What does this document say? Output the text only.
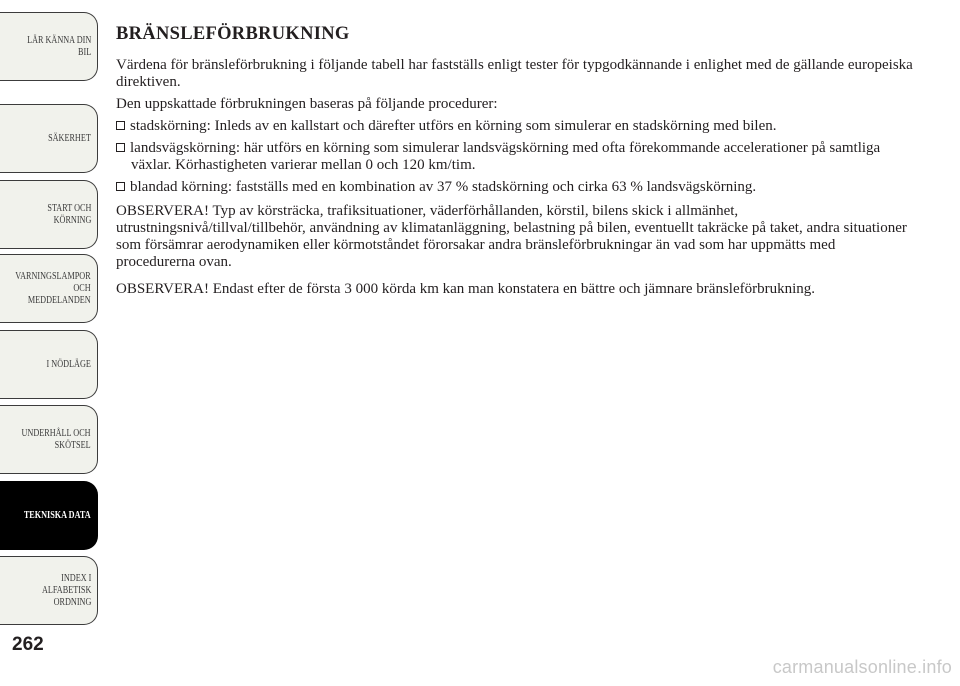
LÄR KÄNNA DIN
BIL
SÄKERHET
START OCH
KÖRNING
VARNINGSLAMPOR
OCH
MEDDELANDEN
I NÖDLÄGE
UNDERHÅLL OCH
SKÖTSEL
TEKNISKA DATA
INDEX I
ALFABETISK
ORDNING
262
BRÄNSLEFÖRBRUKNING

Värdena för bränsleförbrukning i följande tabell har fastställs enligt tester för typgodkännande i enlighet med de gällande europeiska direktiven.

Den uppskattade förbrukningen baseras på följande procedurer:

stadskörning: Inleds av en kallstart och därefter utförs en körning som simulerar en stadskörning med bilen.
landsvägskörning: här utförs en körning som simulerar landsvägskörning med ofta förekommande accelerationer på samtliga växlar. Körhastigheten varierar mellan 0 och 120 km/tim.
blandad körning: fastställs med en kombination av 37 % stadskörning och cirka 63 % landsvägskörning.

OBSERVERA! Typ av körsträcka, trafiksituationer, väderförhållanden, körstil, bilens skick i allmänhet, utrustningsnivå/tillval/tillbehör, användning av klimatanläggning, belastning på bilen, eventuellt takräcke på taket, andra situationer som försämrar aerodynamiken eller körmotståndet förorsakar andra bränsleförbrukningar än vad som har uppmätts med procedurerna ovan.

OBSERVERA! Endast efter de första 3 000 körda km kan man konstatera en bättre och jämnare bränsleförbrukning.

carmanualsonline.info
